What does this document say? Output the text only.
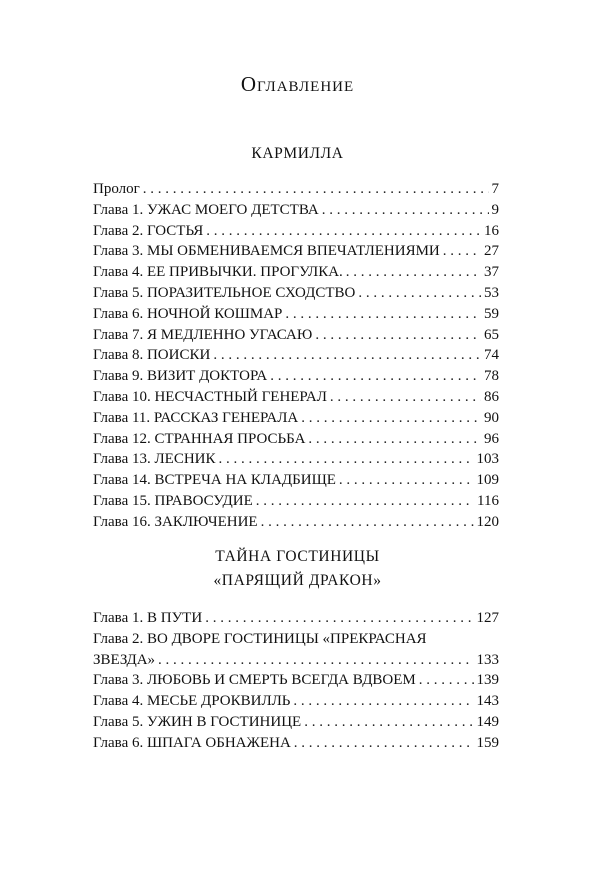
Оглавление
КАРМИЛЛА
Пролог . . .	7
Глава 1. УЖАС МОЕГО ДЕТСТВА . . .	9
Глава 2. ГОСТЬЯ . . .	16
Глава 3. МЫ ОБМЕНИВАЕМСЯ ВПЕЧАТЛЕНИЯМИ . . .	27
Глава 4. ЕЕ ПРИВЫЧКИ. ПРОГУЛКА. . . .	37
Глава 5. ПОРАЗИТЕЛЬНОЕ СХОДСТВО . . .	53
Глава 6. НОЧНОЙ КОШМАР . . .	59
Глава 7. Я МЕДЛЕННО УГАСАЮ . . .	65
Глава 8. ПОИСКИ . . .	74
Глава 9. ВИЗИТ ДОКТОРА . . .	78
Глава 10. НЕСЧАСТНЫЙ ГЕНЕРАЛ . . .	86
Глава 11. РАССКАЗ ГЕНЕРАЛА . . .	90
Глава 12. СТРАННАЯ ПРОСЬБА . . .	96
Глава 13. ЛЕСНИК . . .	103
Глава 14. ВСТРЕЧА НА КЛАДБИЩЕ . . .	109
Глава 15. ПРАВОСУДИЕ . . .	116
Глава 16. ЗАКЛЮЧЕНИЕ . . .	120
ТАЙНА ГОСТИНИЦЫ
«ПАРЯЩИЙ ДРАКОН»
Глава 1. В ПУТИ . . .	127
Глава 2. ВО ДВОРЕ ГОСТИНИЦЫ «ПРЕКРАСНАЯ
ЗВЕЗДА» . . .	133
Глава 3. ЛЮБОВЬ И СМЕРТЬ ВСЕГДА ВДВОЕМ . . .	139
Глава 4. МЕСЬЕ ДРОКВИЛЛЬ . . .	143
Глава 5. УЖИН В ГОСТИНИЦЕ . . .	149
Глава 6. ШПАГА ОБНАЖЕНА . . .	159
